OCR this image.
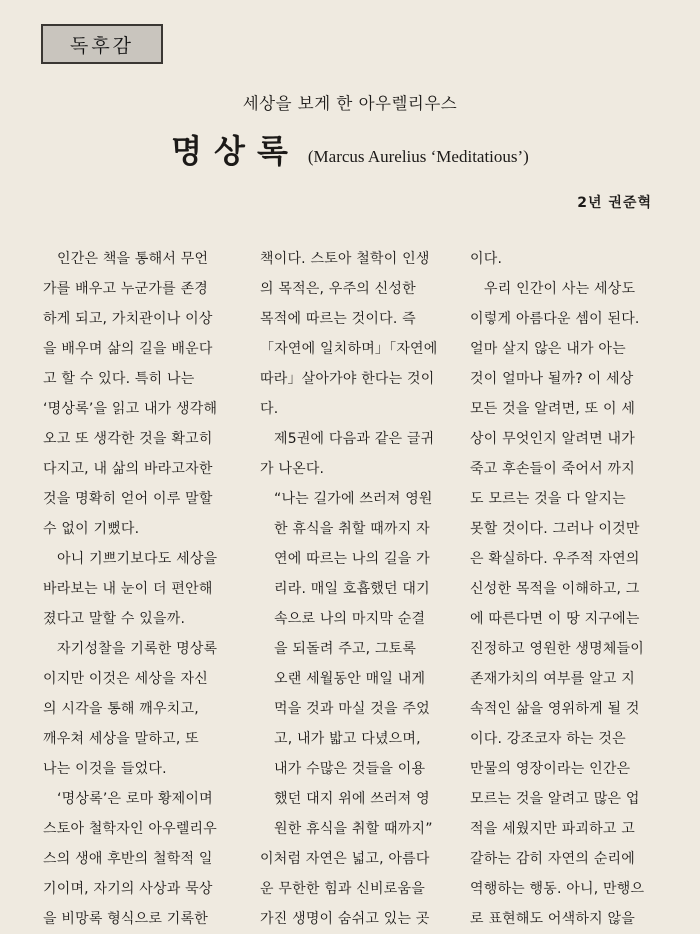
독후감
세상을 보게 한 아우렐리우스
명상록 (Marcus Aurelius ‘Meditatious’)
2년 권준혁
인간은 책을 통해서 무언
가를 배우고 누군가를 존경
하게 되고, 가치관이나 이상
을 배우며 삶의 길을 배운다
고 할 수 있다. 특히 나는
‘명상록’을 읽고 내가 생각해
오고 또 생각한 것을 확고히
다지고, 내 삶의 바라고자한
것을 명확히 얻어 이루 말할
수 없이 기뻤다.
아니 기쁘기보다도 세상을
바라보는 내 눈이 더 편안해
졌다고 말할 수 있을까.
자기성찰을 기록한 명상록
이지만 이것은 세상을 자신
의 시각을 통해 깨우치고,
깨우쳐 세상을 말하고, 또
나는 이것을 들었다.
‘명상록’은 로마 황제이며
스토아 철학자인 아우렐리우
스의 생애 후반의 철학적 일
기이며, 자기의 사상과 묵상
을 비망록 형식으로 기록한
책이다. 스토아 철학이 인생
의 목적은, 우주의 신성한
목적에 따르는 것이다. 즉
「자연에 일치하며」「자연에
따라」살아가야 한다는 것이
다.
제5권에 다음과 같은 글귀
가 나온다.
“나는 길가에 쓰러져 영원
한 휴식을 취할 때까지 자
연에 따르는 나의 길을 가
리라. 매일 호흡했던 대기
속으로 나의 마지막 순결
을 되돌려 주고, 그토록
오랜 세월동안 매일 내게
먹을 것과 마실 것을 주었
고, 내가 밟고 다녔으며,
내가 수많은 것들을 이용
했던 대지 위에 쓰러져 영
원한 휴식을 취할 때까지”
이처럼 자연은 넓고, 아름다
운 무한한 힘과 신비로움을
가진 생명이 숨쉬고 있는 곳
이다.
우리 인간이 사는 세상도
이렇게 아름다운 셈이 된다.
얼마 살지 않은 내가 아는
것이 얼마나 될까? 이 세상
모든 것을 알려면, 또 이 세
상이 무엇인지 알려면 내가
죽고 후손들이 죽어서 까지
도 모르는 것을 다 알지는
못할 것이다. 그러나 이것만
은 확실하다. 우주적 자연의
신성한 목적을 이해하고, 그
에 따른다면 이 땅 지구에는
진정하고 영원한 생명체들이
존재가치의 여부를 알고 지
속적인 삶을 영위하게 될 것
이다. 강조코자 하는 것은
만물의 영장이라는 인간은
모르는 것을 알려고 많은 업
적을 세웠지만 파괴하고 고
갈하는 감히 자연의 순리에
역행하는 행동. 아니, 만행으
로 표현해도 어색하지 않을
